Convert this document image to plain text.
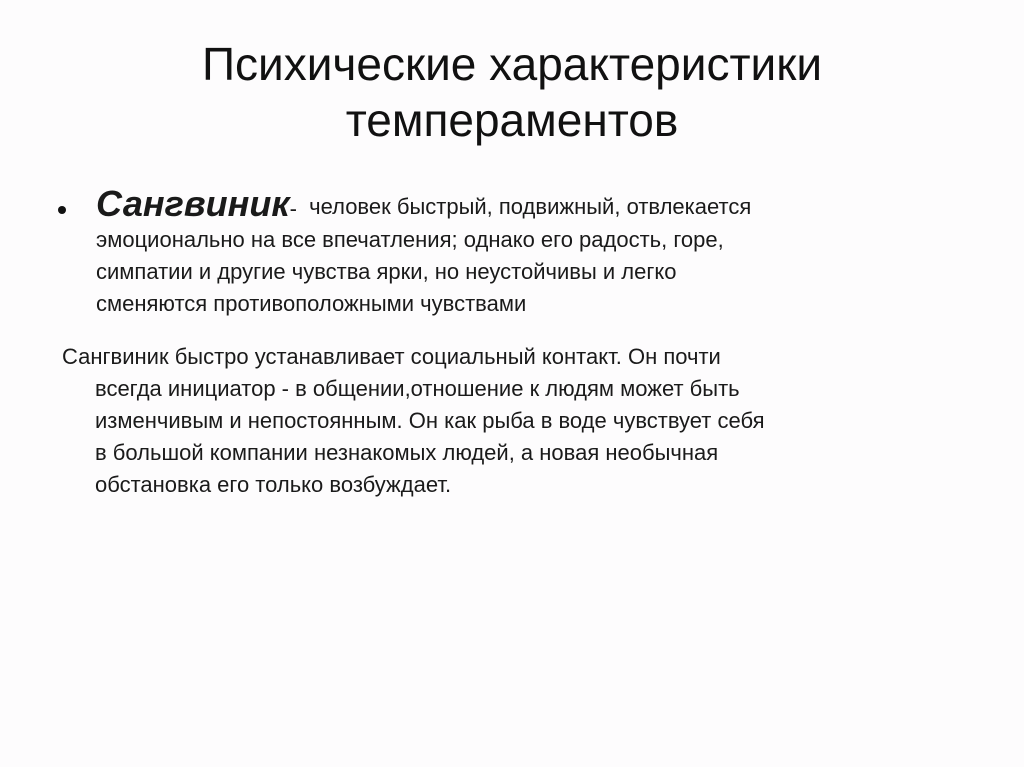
Психические характеристики
темпераментов
Сангвиник-  человек быстрый, подвижный, отвлекается
эмоционально на все впечатления; однако его радость, горе,
симпатии и другие чувства ярки, но неустойчивы и легко
сменяются противоположными чувствами
Сангвиник быстро устанавливает социальный контакт. Он почти
всегда инициатор - в общении,отношение к людям может быть
изменчивым и непостоянным. Он как рыба в воде чувствует себя
в большой компании незнакомых людей, а новая необычная
обстановка его только возбуждает.
